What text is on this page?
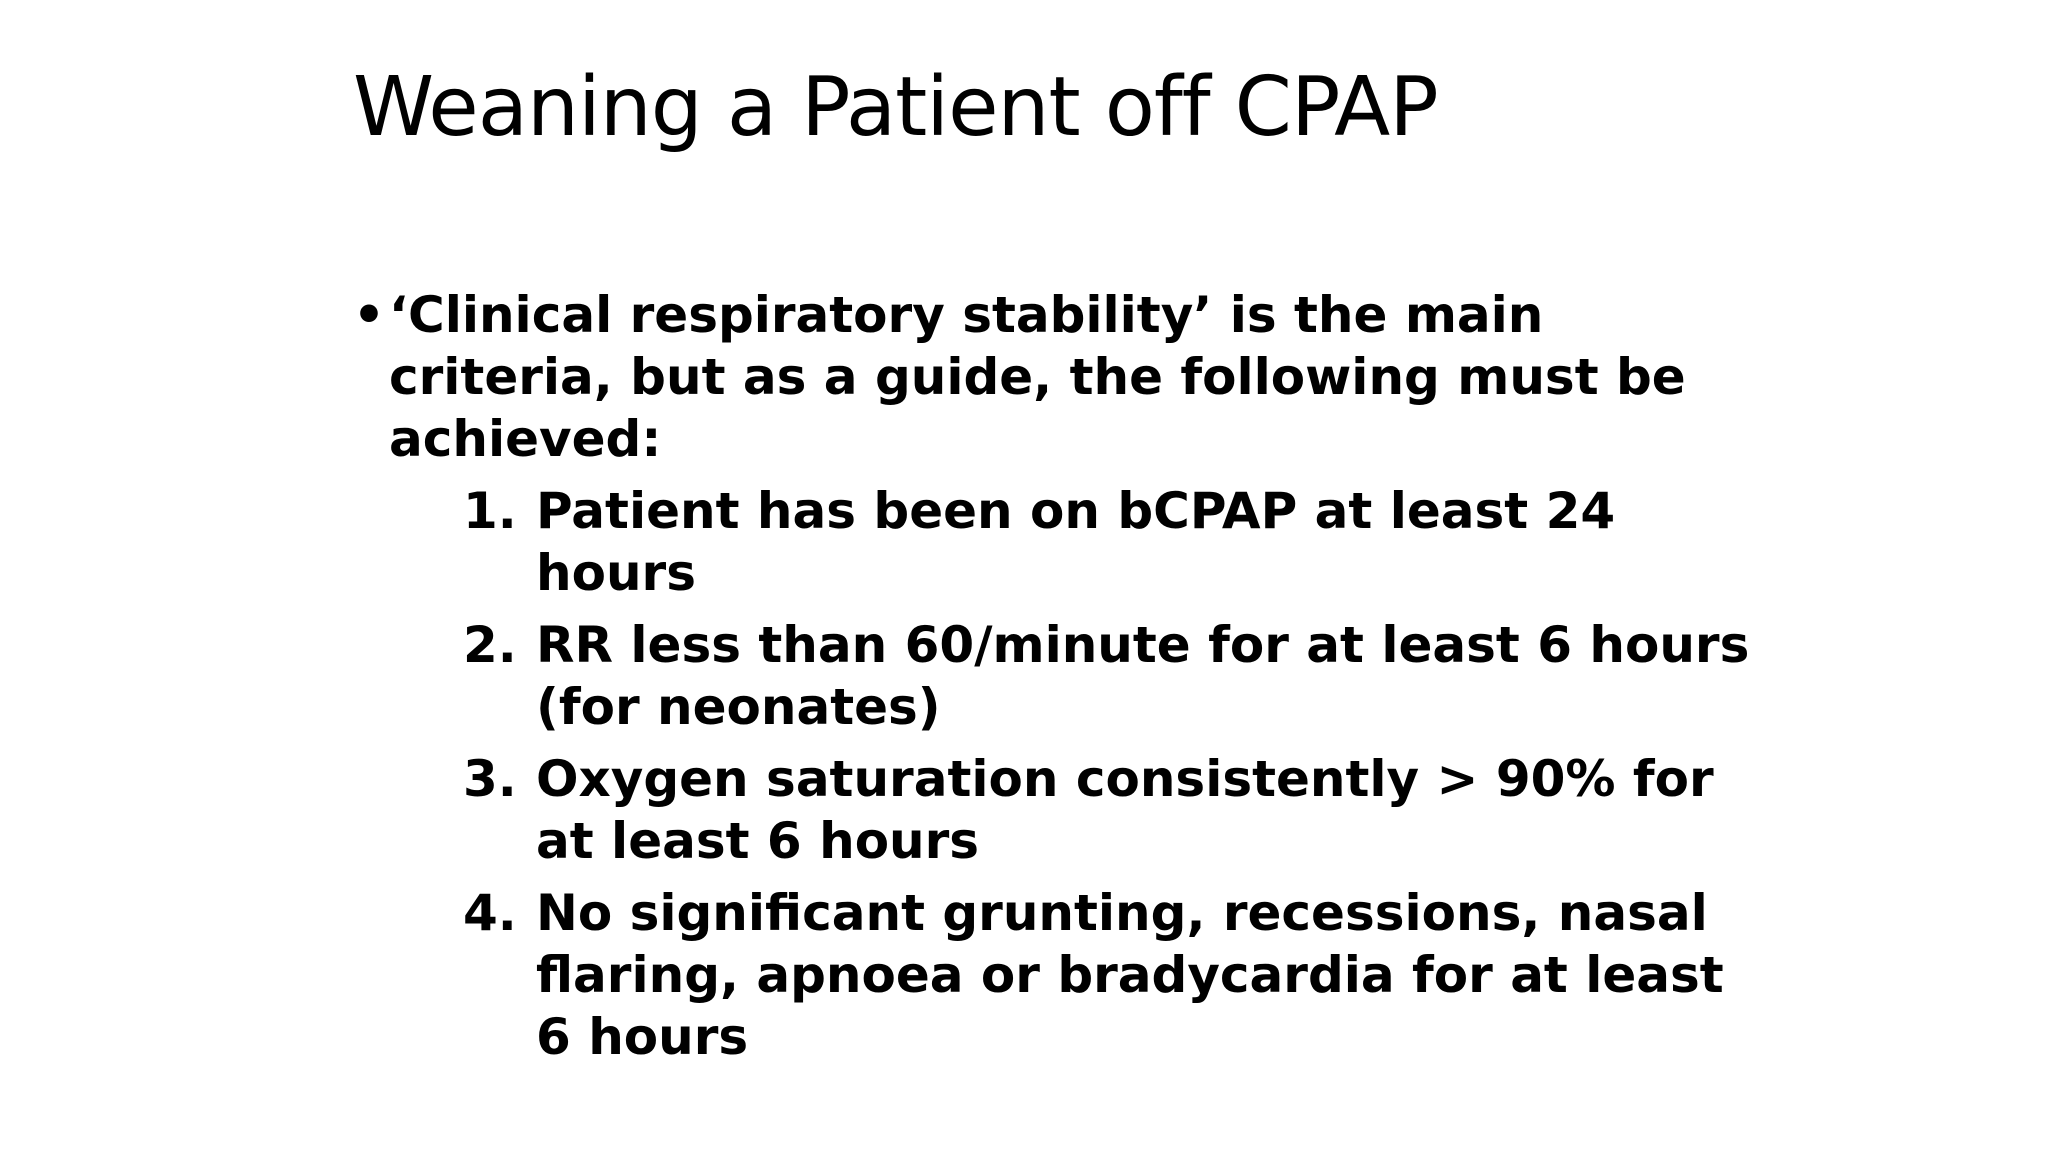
Weaning a Patient off CPAP
• ‘Clinical respiratory stability’ is the main criteria, but as a guide, the following must be achieved:
1. Patient has been on bCPAP at least 24 hours
2. RR less than 60/minute for at least 6 hours (for neonates)
3. Oxygen saturation consistently > 90% for at least 6 hours
4. No significant grunting, recessions, nasal flaring, apnoea or bradycardia for at least 6 hours
